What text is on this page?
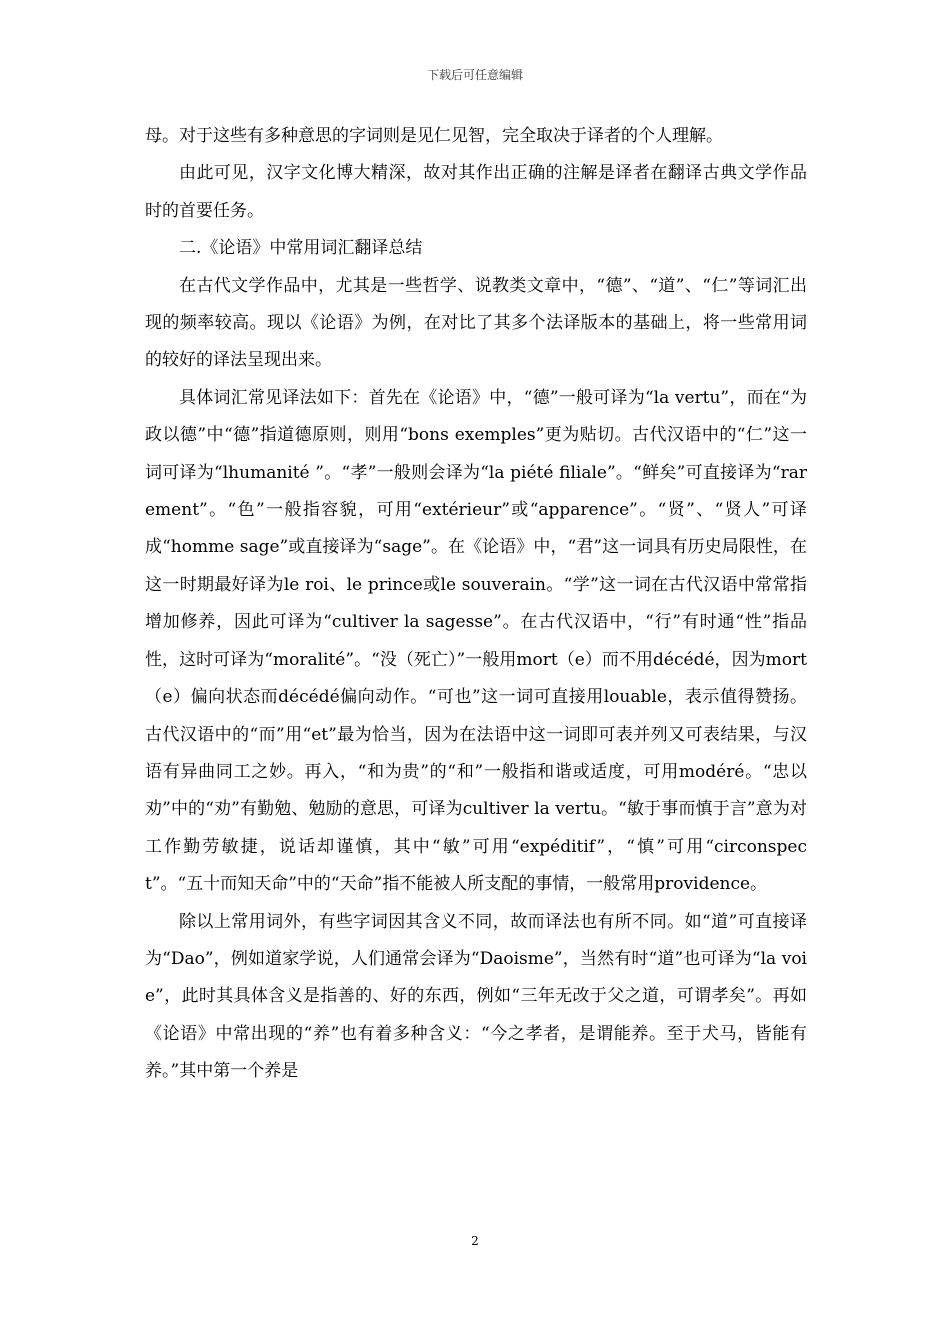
下载后可任意编辑

母。对于这些有多种意思的字词则是见仁见智，完全取决于译者的个人理解。

由此可见，汉字文化博大精深，故对其作出正确的注解是译者在翻译古典文学作品时的首要任务。

二.《论语》中常用词汇翻译总结

在古代文学作品中，尤其是一些哲学、说教类文章中，“德”、“道”、“仁”等词汇出现的频率较高。现以《论语》为例，在对比了其多个法译版本的基础上，将一些常用词的较好的译法呈现出来。

具体词汇常见译法如下：首先在《论语》中，“德”一般可译为“la vertu”，而在“为政以德”中“德”指道德原则，则用“bons exemples”更为贴切。古代汉语中的“仁”这一词可译为“lhumanité ”。“孝”一般则会译为“la piété filiale”。“鲜矣”可直接译为“rarement”。“色”一般指容貌，可用“extérieur”或“apparence”。“贤”、“贤人”可译成“homme sage”或直接译为“sage”。在《论语》中，“君”这一词具有历史局限性，在这一时期最好译为le roi、le prince或le souverain。“学”这一词在古代汉语中常常指增加修养，因此可译为“cultiver la sagesse”。在古代汉语中，“行”有时通“性”指品性，这时可译为“moralité”。“没（死亡）”一般用mort（e）而不用décédé，因为mort（e）偏向状态而décédé偏向动作。“可也”这一词可直接用louable，表示值得赞扬。古代汉语中的“而”用“et”最为恰当，因为在法语中这一词即可表并列又可表结果，与汉语有异曲同工之妙。再入，“和为贵”的“和”一般指和谐或适度，可用modéré。“忠以劝”中的“劝”有勤勉、勉励的意思，可译为cultiver la vertu。“敏于事而慎于言”意为对工作勤劳敏捷，说话却谨慎，其中“敏”可用“expéditif”，“慎”可用“circonspect”。“五十而知天命”中的“天命”指不能被人所支配的事情，一般常用providence。

除以上常用词外，有些字词因其含义不同，故而译法也有所不同。如“道”可直接译为“Dao”，例如道家学说，人们通常会译为“Daoisme”，当然有时“道”也可译为“la voie”，此时其具体含义是指善的、好的东西，例如“三年无改于父之道，可谓孝矣”。再如《论语》中常出现的“养”也有着多种含义：“今之孝者，是谓能养。至于犬马，皆能有养。”其中第一个养是

2
